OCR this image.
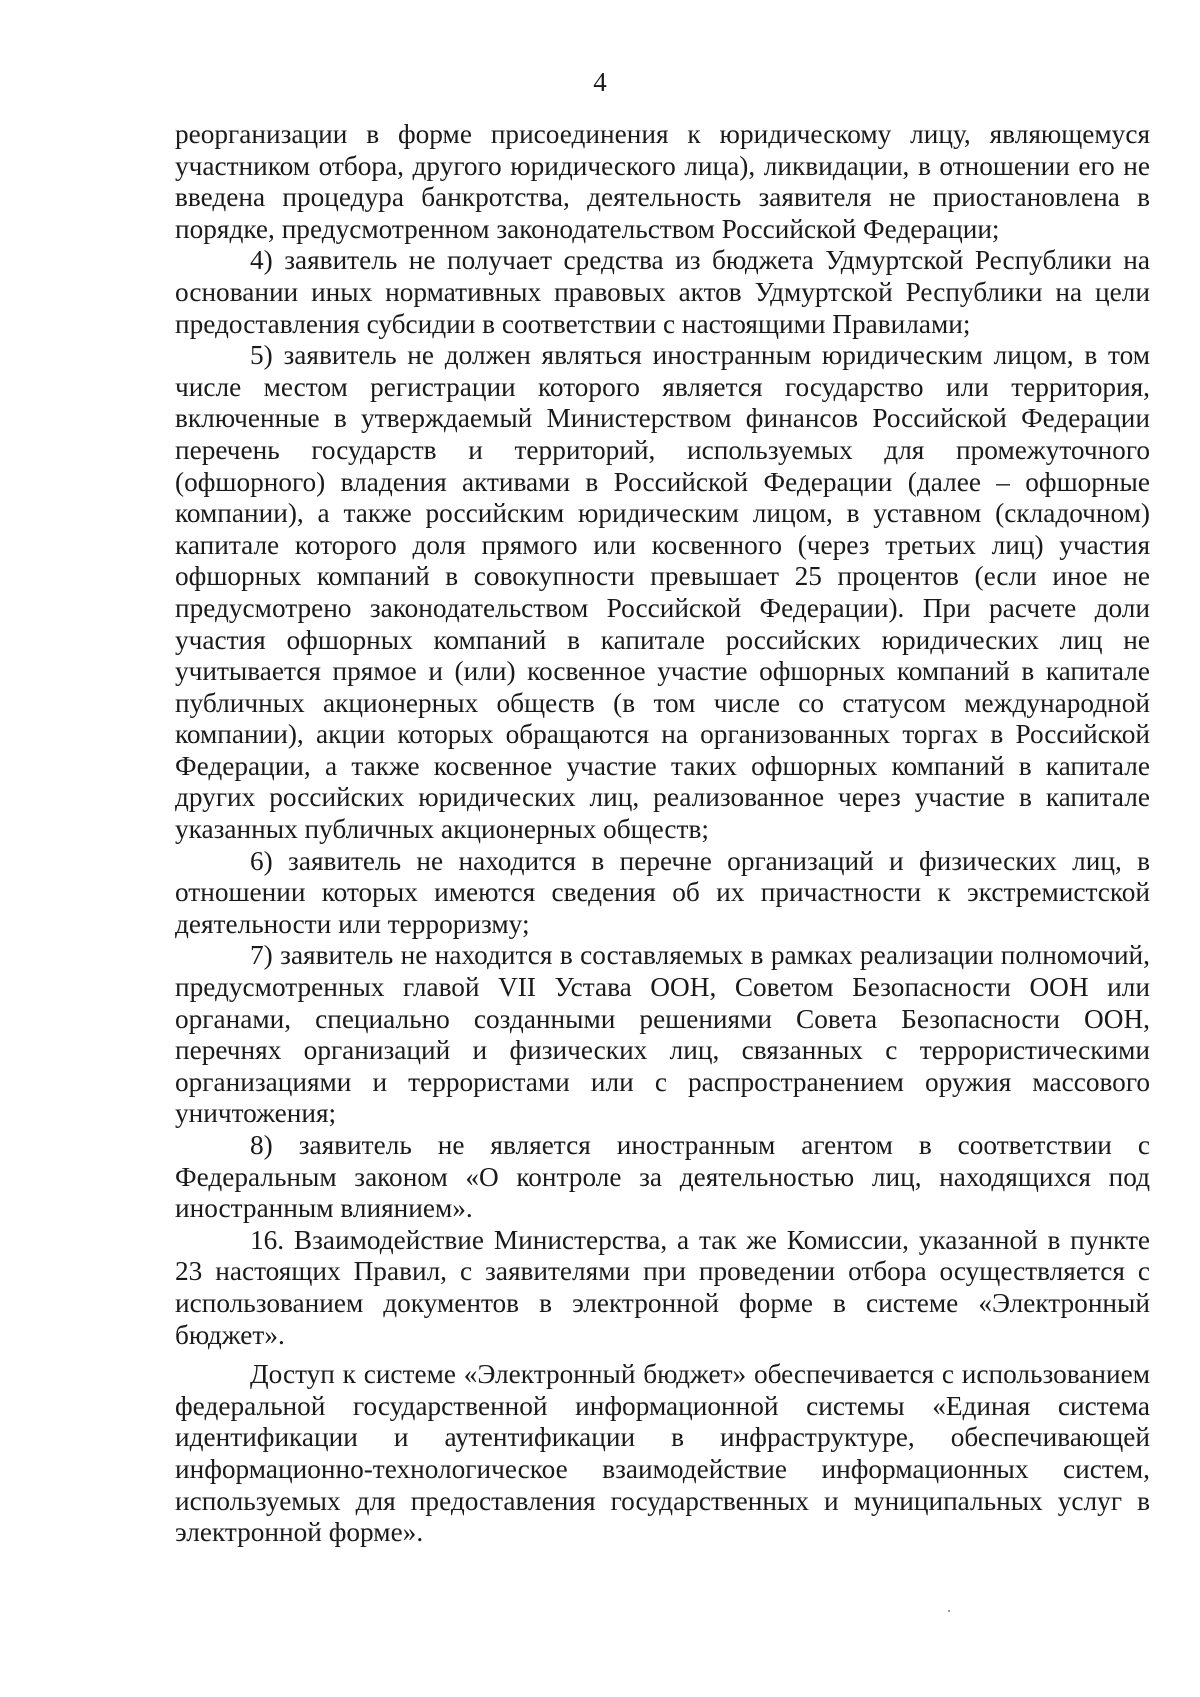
4

реорганизации в форме присоединения к юридическому лицу, являющемуся участником отбора, другого юридического лица), ликвидации, в отношении его не введена процедура банкротства, деятельность заявителя не приостановлена в порядке, предусмотренном законодательством Российской Федерации;

4) заявитель не получает средства из бюджета Удмуртской Республики на основании иных нормативных правовых актов Удмуртской Республики на цели предоставления субсидии в соответствии с настоящими Правилами;

5) заявитель не должен являться иностранным юридическим лицом, в том числе местом регистрации которого является государство или территория, включенные в утверждаемый Министерством финансов Российской Федерации перечень государств и территорий, используемых для промежуточного (офшорного) владения активами в Российской Федерации (далее – офшорные компании), а также российским юридическим лицом, в уставном (складочном) капитале которого доля прямого или косвенного (через третьих лиц) участия офшорных компаний в совокупности превышает 25 процентов (если иное не предусмотрено законодательством Российской Федерации). При расчете доли участия офшорных компаний в капитале российских юридических лиц не учитывается прямое и (или) косвенное участие офшорных компаний в капитале публичных акционерных обществ (в том числе со статусом международной компании), акции которых обращаются на организованных торгах в Российской Федерации, а также косвенное участие таких офшорных компаний в капитале других российских юридических лиц, реализованное через участие в капитале указанных публичных акционерных обществ;

6) заявитель не находится в перечне организаций и физических лиц, в отношении которых имеются сведения об их причастности к экстремистской деятельности или терроризму;

7) заявитель не находится в составляемых в рамках реализации полномочий, предусмотренных главой VII Устава ООН, Советом Безопасности ООН или органами, специально созданными решениями Совета Безопасности ООН, перечнях организаций и физических лиц, связанных с террористическими организациями и террористами или с распространением оружия массового уничтожения;

8) заявитель не является иностранным агентом в соответствии с Федеральным законом «О контроле за деятельностью лиц, находящихся под иностранным влиянием».

16. Взаимодействие Министерства, а так же Комиссии, указанной в пункте 23 настоящих Правил, с заявителями при проведении отбора осуществляется с использованием документов в электронной форме в системе «Электронный бюджет».

Доступ к системе «Электронный бюджет» обеспечивается с использованием федеральной государственной информационной системы «Единая система идентификации и аутентификации в инфраструктуре, обеспечивающей информационно-технологическое взаимодействие информационных систем, используемых для предоставления государственных и муниципальных услуг в электронной форме».
